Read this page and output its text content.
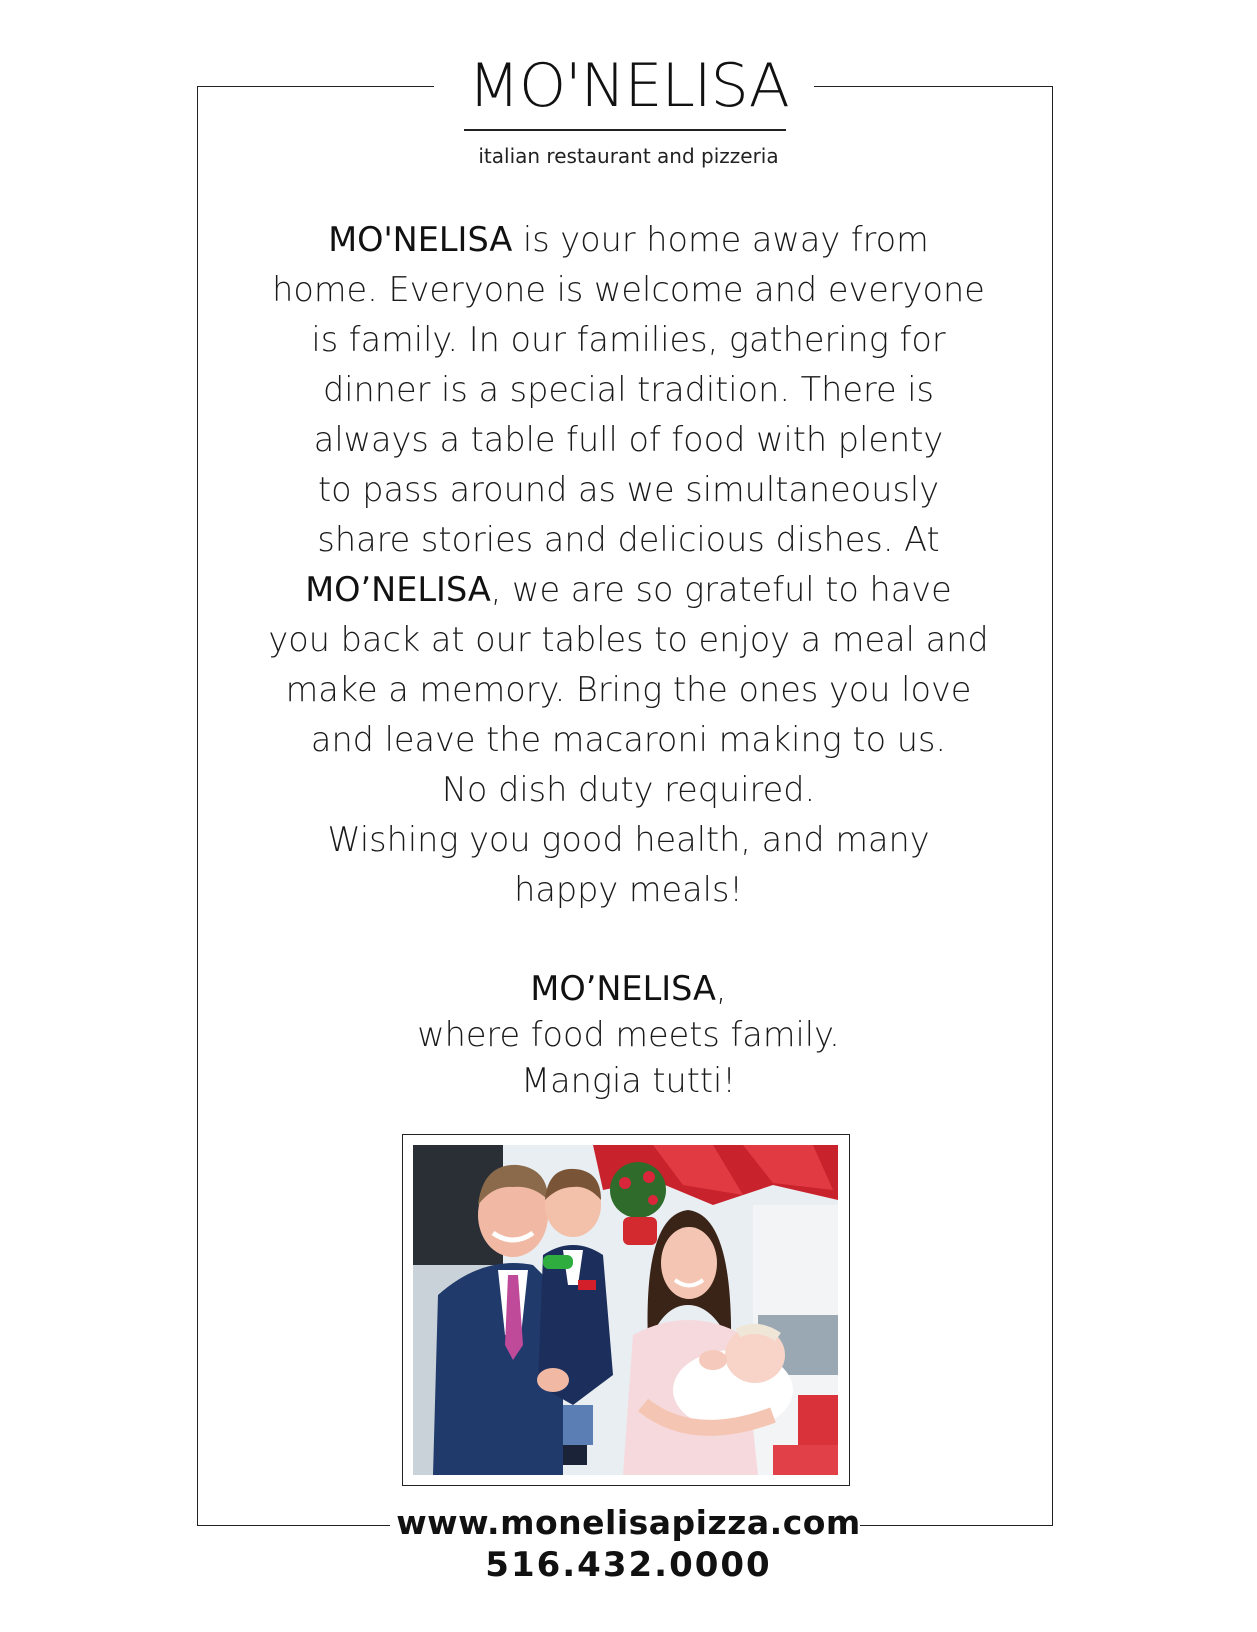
MO'NELISA
italian restaurant and pizzeria
MO'NELISA is your home away from
home. Everyone is welcome and everyone
is family. In our families, gathering for
dinner is a special tradition. There is
always a table full of food with plenty
to pass around as we simultaneously
share stories and delicious dishes. At
MO’NELISA, we are so grateful to have
you back at our tables to enjoy a meal and
make a memory. Bring the ones you love
and leave the macaroni making to us.
No dish duty required.
Wishing you good health, and many
happy meals!
MO’NELISA,
where food meets family.
Mangia tutti!
www.monelisapizza.com
516.432.0000
